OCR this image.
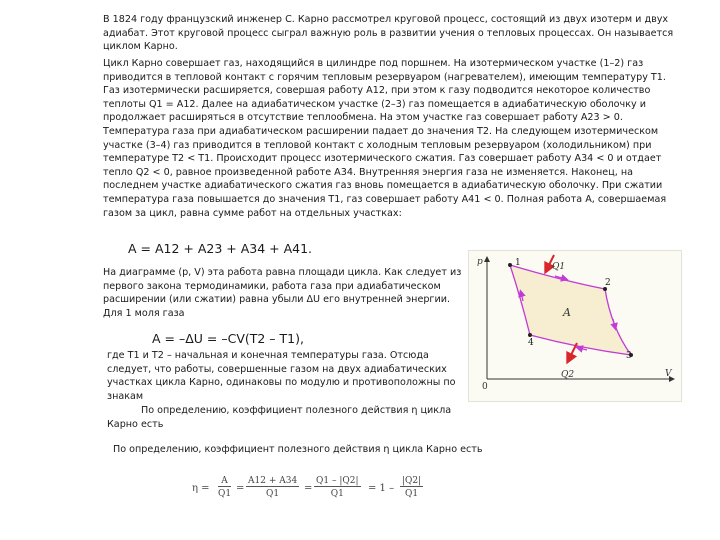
В 1824 году французский инженер С. Карно рассмотрел круговой процесс, состоящий из двух изотерм и двух адиабат. Этот круговой процесс сыграл важную роль в развитии учения о тепловых процессах. Он называется циклом Карно.

Цикл Карно совершает газ, находящийся в цилиндре под поршнем. На изотермическом участке (1–2) газ приводится в тепловой контакт с горячим тепловым резервуаром (нагревателем), имеющим температуру T1. Газ изотермически расширяется, совершая работу A12, при этом к газу подводится некоторое количество теплоты Q1 = A12. Далее на адиабатическом участке (2–3) газ помещается в адиабатическую оболочку и продолжает расширяться в отсутствие теплообмена. На этом участке газ совершает работу A23 > 0. Температура газа при адиабатическом расширении падает до значения T2. На следующем изотермическом участке (3–4) газ приводится в тепловой контакт с холодным тепловым резервуаром (холодильником) при температуре T2 < T1. Происходит процесс изотермического сжатия. Газ совершает работу A34 < 0 и отдает тепло Q2 < 0, равное произведенной работе A34. Внутренняя энергия газа не изменяется. Наконец, на последнем участке адиабатического сжатия газ вновь помещается в адиабатическую оболочку. При сжатии температура газа повышается до значения T1, газ совершает работу A41 < 0. Полная работа A, совершаемая газом за цикл, равна сумме работ на отдельных участках:

A = A12 + A23 + A34 + A41.
На диаграмме (p, V) эта работа равна площади цикла. Как следует из первого закона термодинамики, работа газа при адиабатическом расширении (или сжатии) равна убыли ΔU его внутренней энергии. Для 1 моля газа
A = –ΔU = –CV(T2 – T1),
где T1 и T2 – начальная и конечная температуры газа. Отсюда следует, что работы, совершенные газом на двух адиабатических участках цикла Карно, одинаковы по модулю и противоположны по знакам
По определению, коэффициент полезного действия η цикла Карно есть
По определению, коэффициент полезного действия η цикла Карно есть
p
V
0
1
2
3
4
A
Q1
Q2
$\eta = \frac{A}{Q1} = \frac{A12 + A34}{Q1} = \frac{Q1 - |Q2|}{Q1} = 1 - \frac{|Q2|}{Q1}$
